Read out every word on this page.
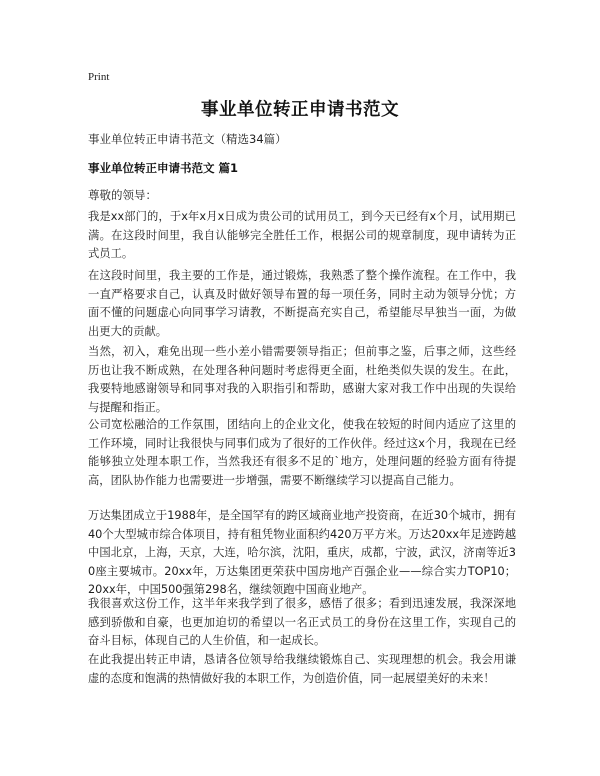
Print
事业单位转正申请书范文
事业单位转正申请书范文（精选34篇）
事业单位转正申请书范文 篇1
尊敬的领导：

我是xx部门的，于x年x月x日成为贵公司的试用员工，到今天已经有x个月，试用期已满。在这段时间里，我自认能够完全胜任工作，根据公司的规章制度，现申请转为正式员工。

在这段时间里，我主要的工作是，通过锻炼，我熟悉了整个操作流程。在工作中，我一直严格要求自己，认真及时做好领导布置的每一项任务，同时主动为领导分忧；方面不懂的问题虚心向同事学习请教，不断提高充实自己，希望能尽早独当一面，为做出更大的贡献。

当然，初入，难免出现一些小差小错需要领导指正；但前事之鉴，后事之师，这些经历也让我不断成熟，在处理各种问题时考虑得更全面，杜绝类似失误的发生。在此，我要特地感谢领导和同事对我的入职指引和帮助，感谢大家对我工作中出现的失误给与提醒和指正。

公司宽松融洽的工作氛围，团结向上的企业文化，使我在较短的时间内适应了这里的工作环境，同时让我很快与同事们成为了很好的工作伙伴。经过这x个月，我现在已经能够独立处理本职工作，当然我还有很多不足的`地方，处理问题的经验方面有待提高，团队协作能力也需要进一步增强，需要不断继续学习以提高自己能力。

万达集团成立于1988年，是全国罕有的跨区域商业地产投资商，在近30个城市，拥有40个大型城市综合体项目，持有租凭物业面积约420万平方米。万达20xx年足迹跨越中国北京，上海，天京，大连，哈尔滨，沈阳，重庆，成都，宁波，武汉，济南等近30座主要城市。20xx年，万达集团更荣获中国房地产百强企业——综合实力TOP10；20xx年，中国500强第298名，继续领跑中国商业地产。

我很喜欢这份工作，这半年来我学到了很多，感悟了很多；看到迅速发展，我深深地感到骄傲和自豪，也更加迫切的希望以一名正式员工的身份在这里工作，实现自己的奋斗目标，体现自己的人生价值，和一起成长。

在此我提出转正申请，恳请各位领导给我继续锻炼自己、实现理想的机会。我会用谦虚的态度和饱满的热情做好我的本职工作，为创造价值，同一起展望美好的未来！
